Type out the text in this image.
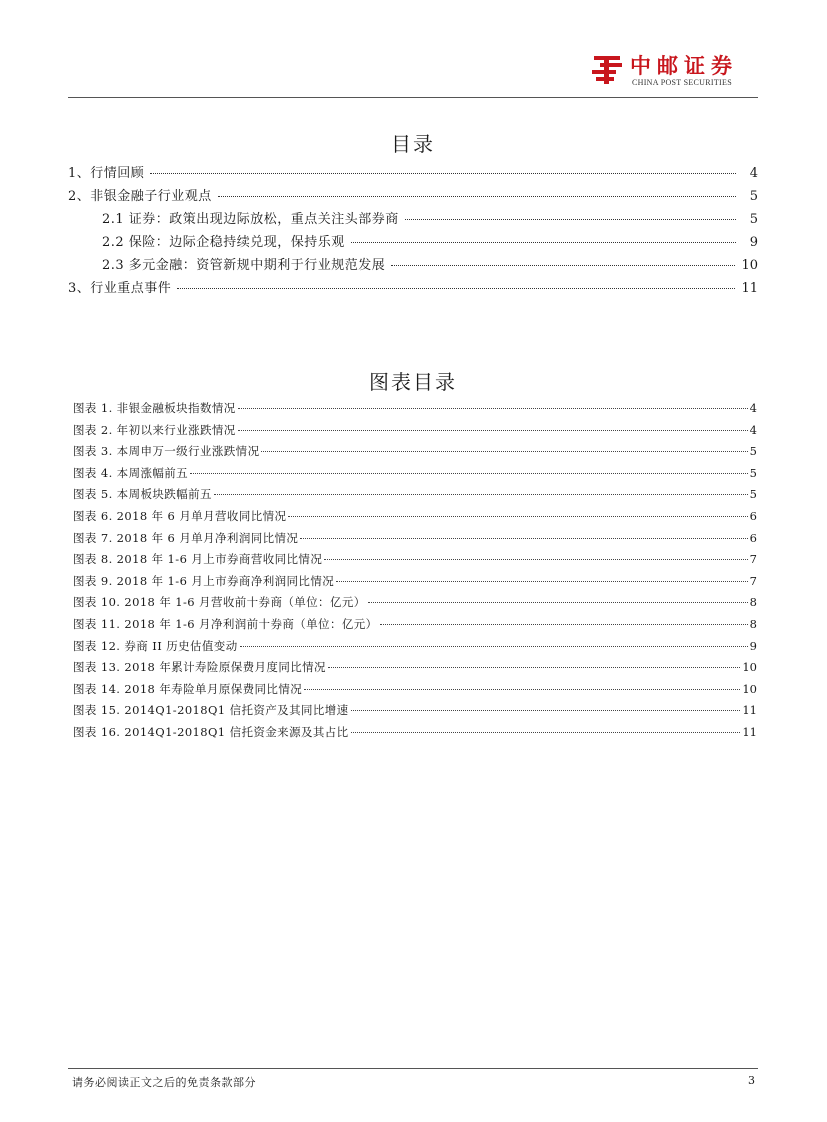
中邮证券
CHINA POST SECURITIES
目录
1、行情回顾	4
2、非银金融子行业观点	5
2.1 证券：政策出现边际放松，重点关注头部券商	5
2.2 保险：边际企稳持续兑现，保持乐观	9
2.3 多元金融：资管新规中期利于行业规范发展	10
3、行业重点事件	11
图表目录
图表 1. 非银金融板块指数情况	4
图表 2. 年初以来行业涨跌情况	4
图表 3. 本周申万一级行业涨跌情况	5
图表 4. 本周涨幅前五	5
图表 5. 本周板块跌幅前五	5
图表 6. 2018 年 6 月单月营收同比情况	6
图表 7. 2018 年 6 月单月净利润同比情况	6
图表 8. 2018 年 1-6 月上市券商营收同比情况	7
图表 9. 2018 年 1-6 月上市券商净利润同比情况	7
图表 10. 2018 年 1-6 月营收前十券商（单位：亿元）	8
图表 11. 2018 年 1-6 月净利润前十券商（单位：亿元）	8
图表 12. 券商 II 历史估值变动	9
图表 13. 2018 年累计寿险原保费月度同比情况	10
图表 14. 2018 年寿险单月原保费同比情况	10
图表 15. 2014Q1-2018Q1 信托资产及其同比增速	11
图表 16. 2014Q1-2018Q1 信托资金来源及其占比	11
请务必阅读正文之后的免责条款部分	3
